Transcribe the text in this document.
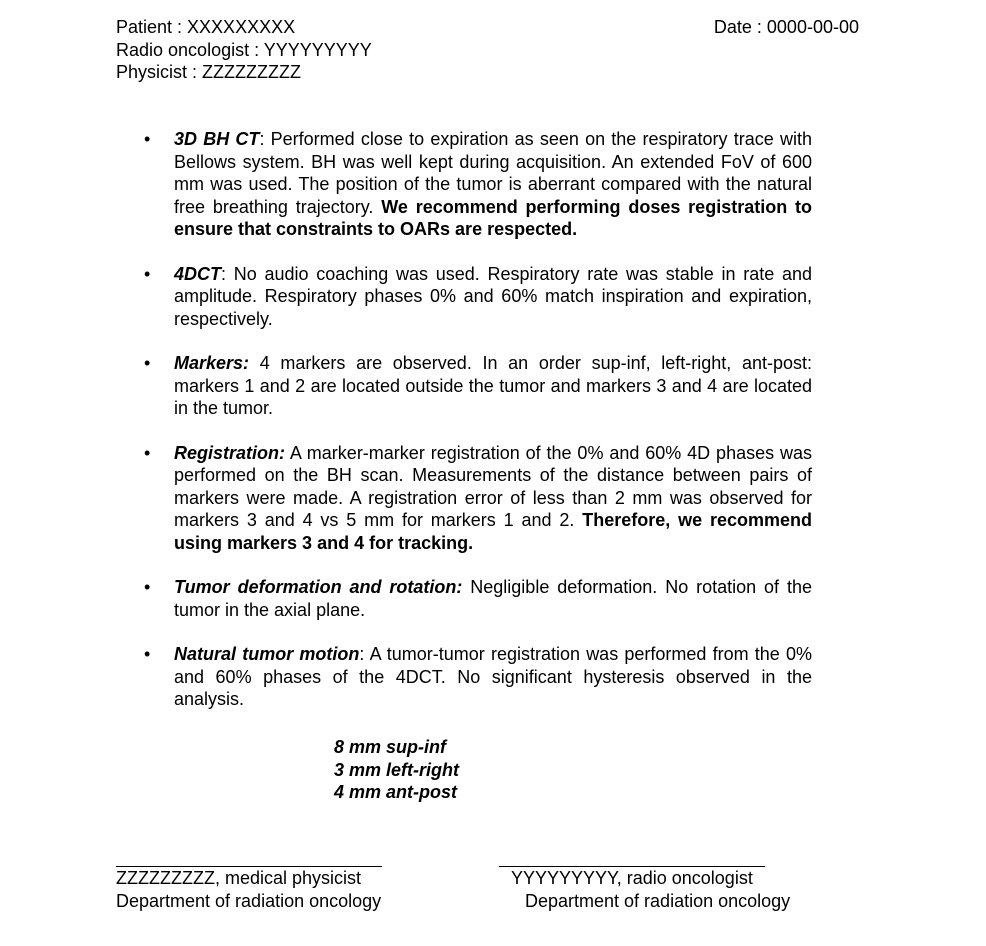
Patient : XXXXXXXXX
Radio oncologist : YYYYYYYYY
Physicist : ZZZZZZZZZ
Date : 0000-00-00
• 3D BH CT: Performed close to expiration as seen on the respiratory trace with Bellows system. BH was well kept during acquisition. An extended FoV of 600 mm was used. The position of the tumor is aberrant compared with the natural free breathing trajectory. We recommend performing doses registration to ensure that constraints to OARs are respected.
• 4DCT: No audio coaching was used. Respiratory rate was stable in rate and amplitude. Respiratory phases 0% and 60% match inspiration and expiration, respectively.
• Markers: 4 markers are observed. In an order sup-inf, left-right, ant-post: markers 1 and 2 are located outside the tumor and markers 3 and 4 are located in the tumor.
• Registration: A marker-marker registration of the 0% and 60% 4D phases was performed on the BH scan. Measurements of the distance between pairs of markers were made. A registration error of less than 2 mm was observed for markers 3 and 4 vs 5 mm for markers 1 and 2. Therefore, we recommend using markers 3 and 4 for tracking.
• Tumor deformation and rotation: Negligible deformation. No rotation of the tumor in the axial plane.
• Natural tumor motion: A tumor-tumor registration was performed from the 0% and 60% phases of the 4DCT. No significant hysteresis observed in the analysis.
8 mm sup-inf
3 mm left-right
4 mm ant-post
ZZZZZZZZZ, medical physicist
Department of radiation oncology
YYYYYYYYY, radio oncologist
Department of radiation oncology
